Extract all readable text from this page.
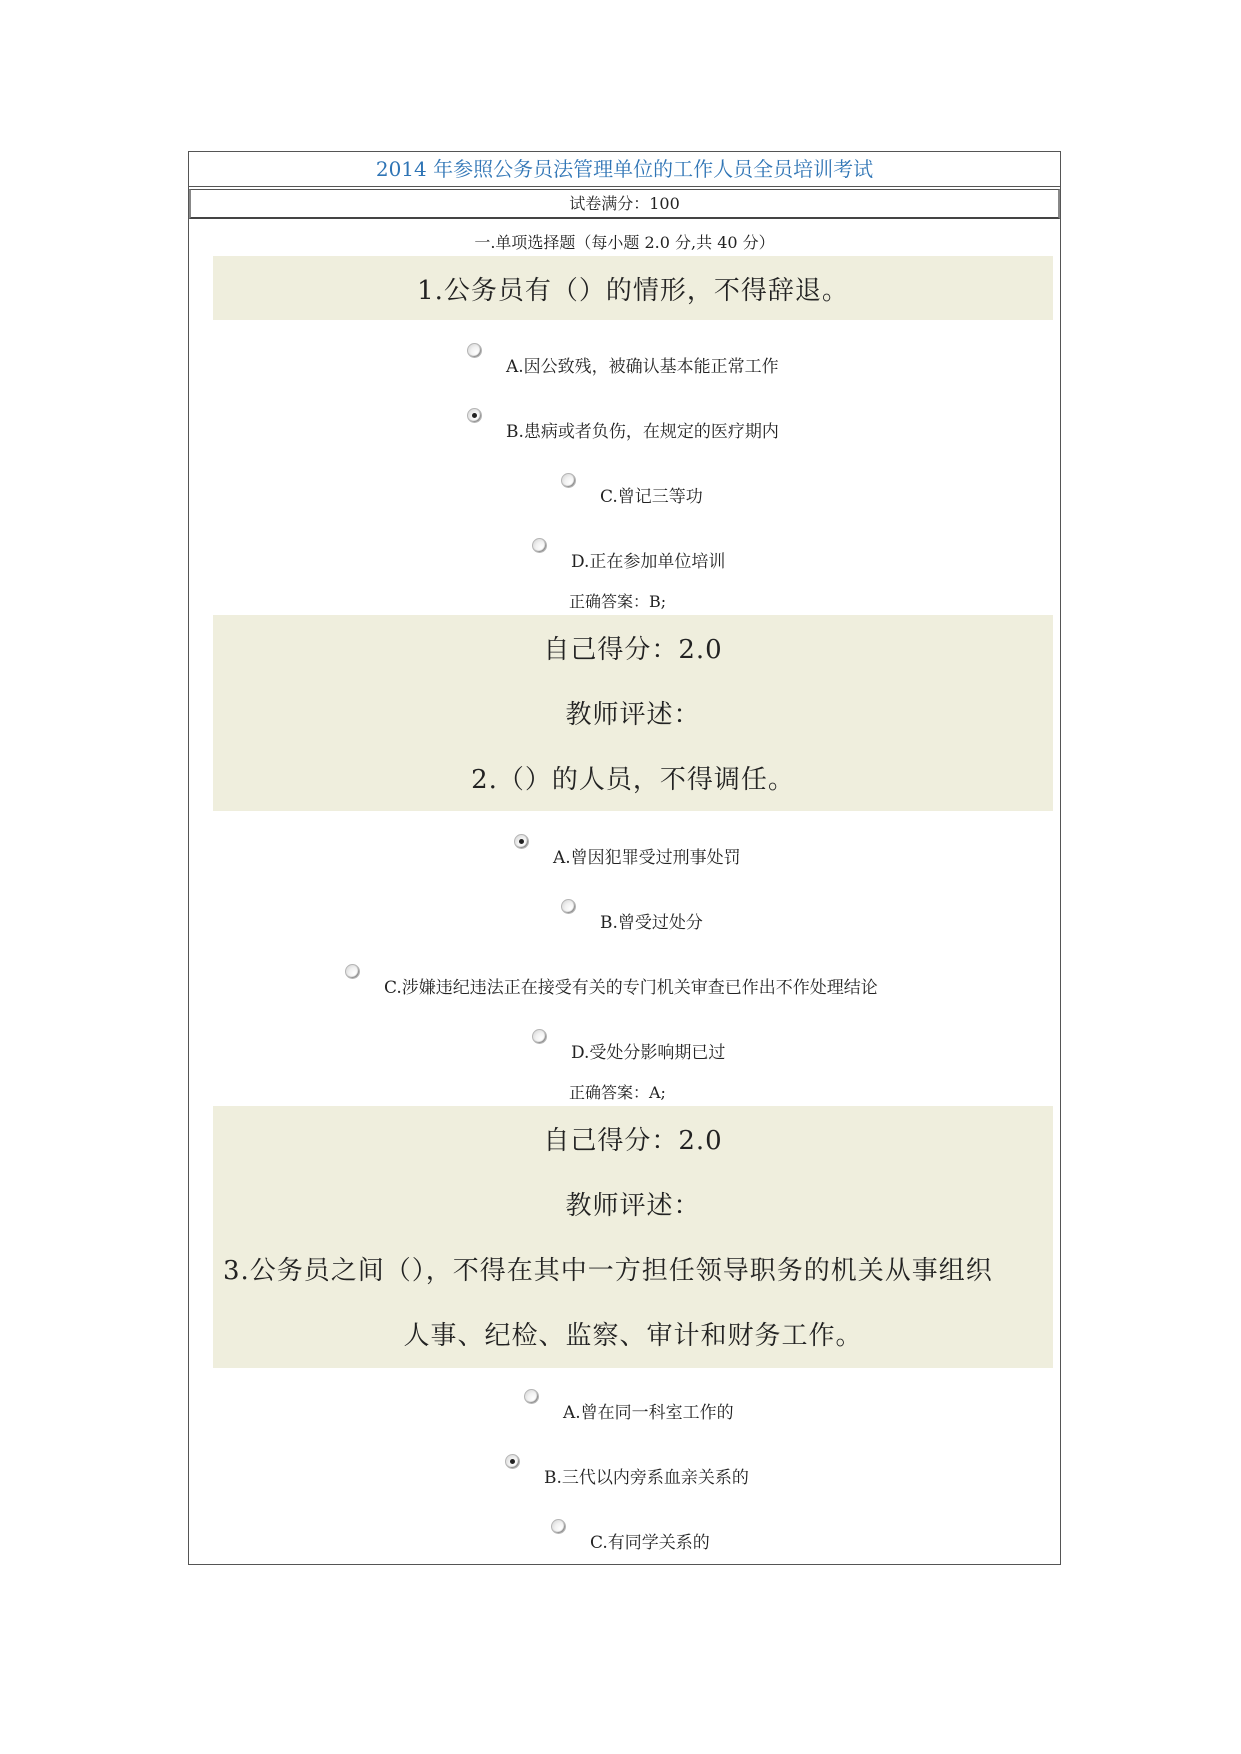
2014 年参照公务员法管理单位的工作人员全员培训考试
试卷满分：100
一.单项选择题（每小题 2.0 分,共 40 分）
1.公务员有（）的情形，不得辞退。
A.因公致残，被确认基本能正常工作
B.患病或者负伤，在规定的医疗期内
C.曾记三等功
D.正在参加单位培训
正确答案：B;
自己得分：2.0
教师评述：
2.（）的人员，不得调任。
A.曾因犯罪受过刑事处罚
B.曾受过处分
C.涉嫌违纪违法正在接受有关的专门机关审查已作出不作处理结论
D.受处分影响期已过
正确答案：A;
自己得分：2.0
教师评述：
3.公务员之间（），不得在其中一方担任领导职务的机关从事组织
人事、纪检、监察、审计和财务工作。
A.曾在同一科室工作的
B.三代以内旁系血亲关系的
C.有同学关系的
